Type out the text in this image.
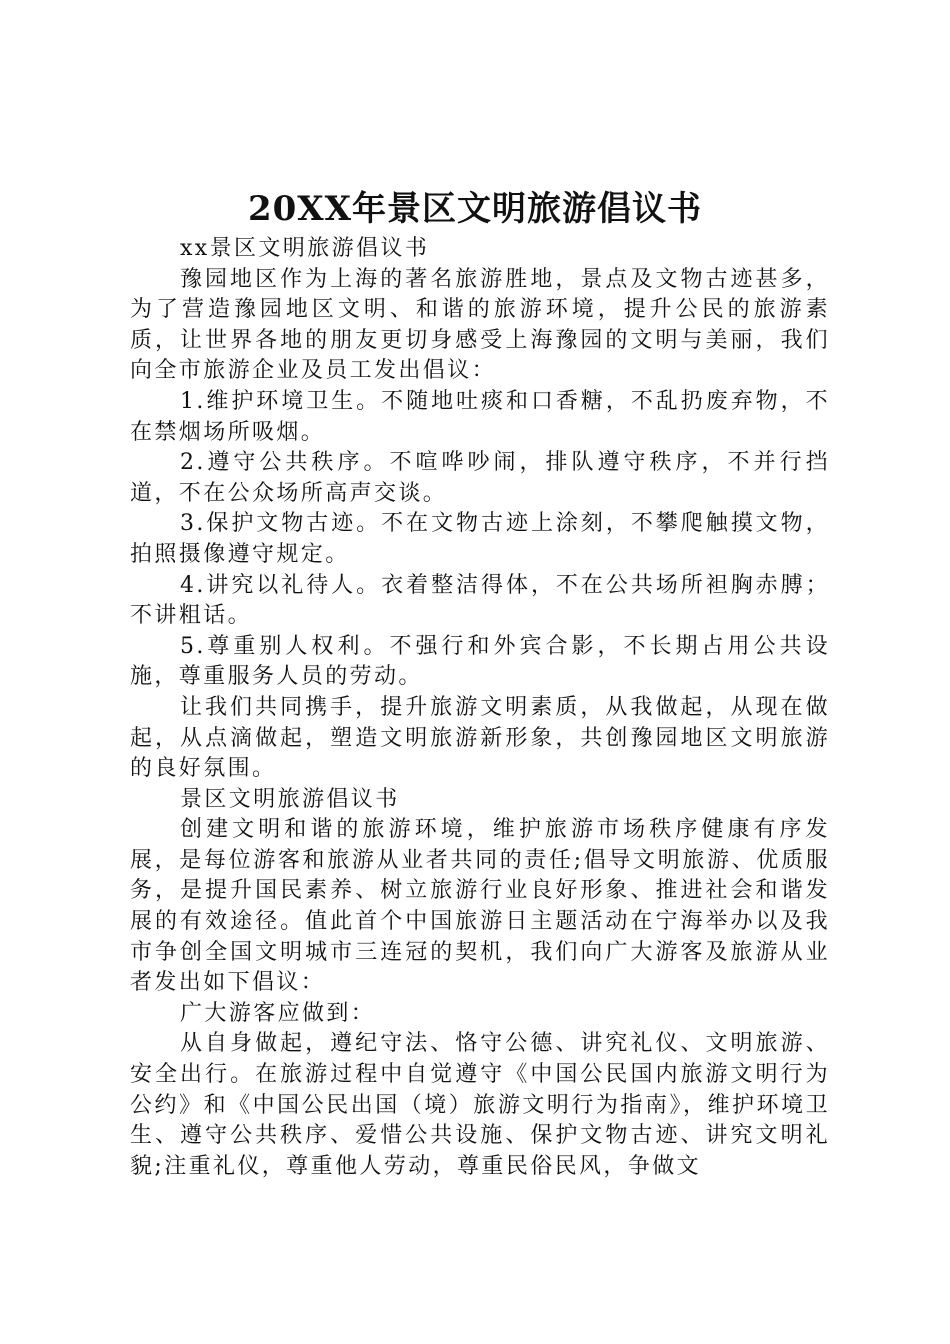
20XX年景区文明旅游倡议书

xx景区文明旅游倡议书

豫园地区作为上海的著名旅游胜地，景点及文物古迹甚多，为了营造豫园地区文明、和谐的旅游环境，提升公民的旅游素质，让世界各地的朋友更切身感受上海豫园的文明与美丽，我们向全市旅游企业及员工发出倡议：

1.维护环境卫生。不随地吐痰和口香糖，不乱扔废弃物，不在禁烟场所吸烟。

2.遵守公共秩序。不喧哗吵闹，排队遵守秩序，不并行挡道，不在公众场所高声交谈。

3.保护文物古迹。不在文物古迹上涂刻，不攀爬触摸文物，拍照摄像遵守规定。

4.讲究以礼待人。衣着整洁得体，不在公共场所袒胸赤膊；不讲粗话。

5.尊重别人权利。不强行和外宾合影，不长期占用公共设施，尊重服务人员的劳动。

让我们共同携手，提升旅游文明素质，从我做起，从现在做起，从点滴做起，塑造文明旅游新形象，共创豫园地区文明旅游的良好氛围。

景区文明旅游倡议书

创建文明和谐的旅游环境，维护旅游市场秩序健康有序发展，是每位游客和旅游从业者共同的责任;倡导文明旅游、优质服务，是提升国民素养、树立旅游行业良好形象、推进社会和谐发展的有效途径。值此首个中国旅游日主题活动在宁海举办以及我市争创全国文明城市三连冠的契机，我们向广大游客及旅游从业者发出如下倡议：

广大游客应做到：

从自身做起，遵纪守法、恪守公德、讲究礼仪、文明旅游、安全出行。在旅游过程中自觉遵守《中国公民国内旅游文明行为公约》和《中国公民出国（境）旅游文明行为指南》，维护环境卫生、遵守公共秩序、爱惜公共设施、保护文物古迹、讲究文明礼貌;注重礼仪，尊重他人劳动，尊重民俗民风，争做文
